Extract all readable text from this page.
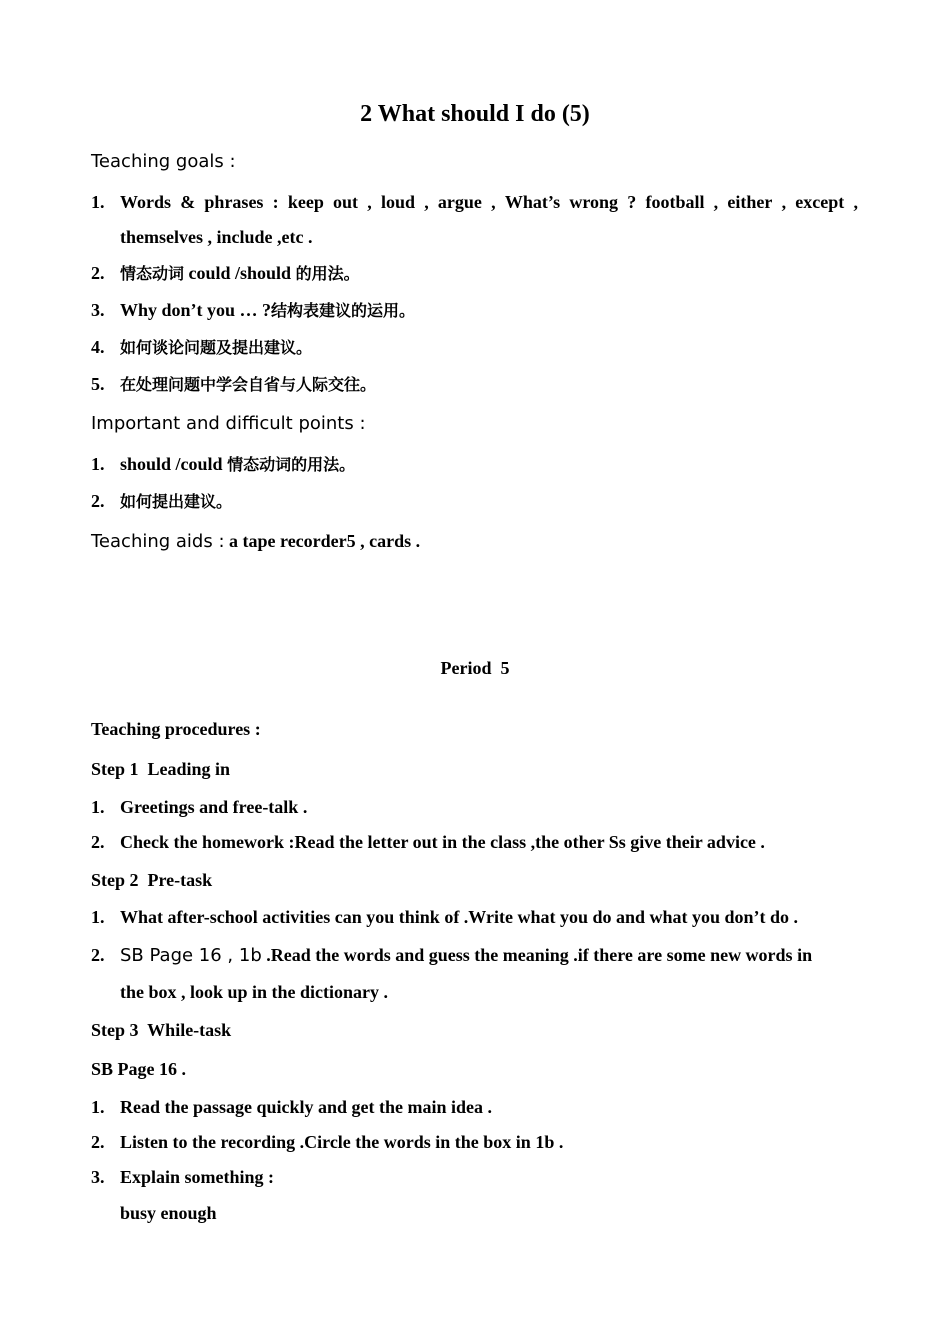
2 What should I do (5)
Teaching goals :
1. Words & phrases : keep out , loud , argue , What’s wrong ? football , either , except ,
themselves , include ,etc .
2. 情态动词 could /should 的用法。
3. Why don’t you … ?结构表建议的运用。
4. 如何谈论问题及提出建议。
5. 在处理问题中学会自省与人际交往。
Important and difficult points :
1. should /could 情态动词的用法。
2. 如何提出建议。
Teaching aids : a tape recorder5 , cards .
Period  5
Teaching procedures :
Step 1  Leading in
1. Greetings and free-talk .
2. Check the homework :Read the letter out in the class ,the other Ss give their advice .
Step 2  Pre-task
1. What after-school activities can you think of .Write what you do and what you don’t do .
2. SB Page 16 , 1b .Read the words and guess the meaning .if there are some new words in
the box , look up in the dictionary .
Step 3  While-task
SB Page 16 .
1. Read the passage quickly and get the main idea .
2. Listen to the recording .Circle the words in the box in 1b .
3. Explain something :
busy enough
